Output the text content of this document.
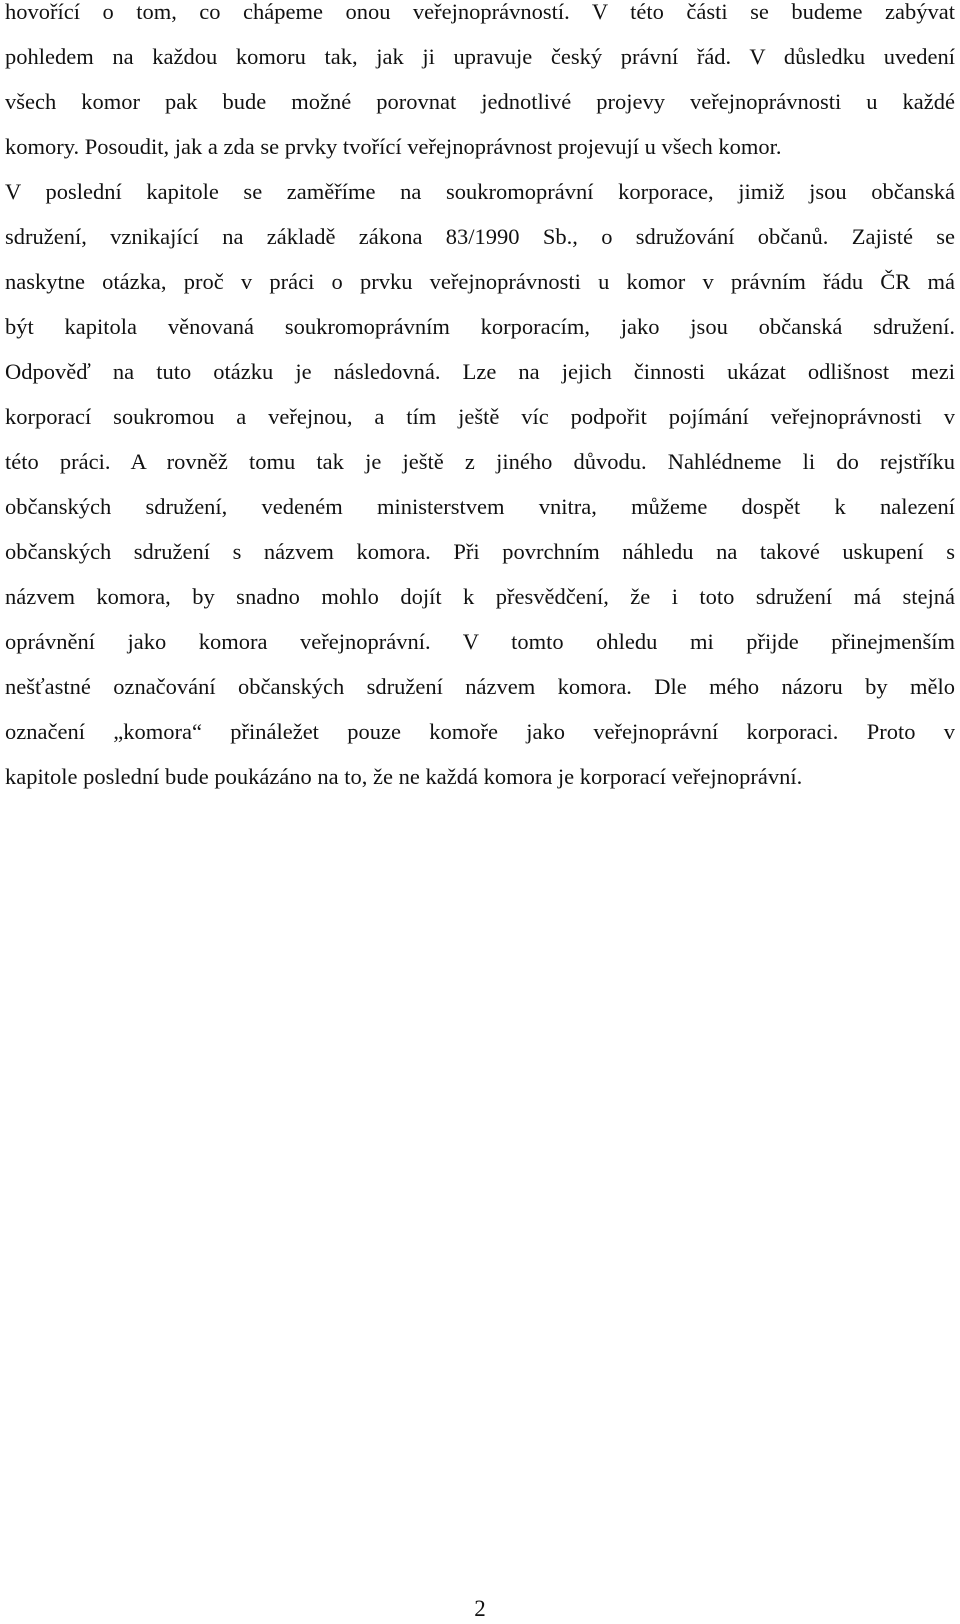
hovořící o tom, co chápeme onou veřejnoprávností. V této části se budeme zabývat
pohledem na každou komoru tak, jak ji upravuje český právní řád. V důsledku uvedení
všech komor pak bude možné porovnat jednotlivé projevy veřejnoprávnosti u každé
komory. Posoudit, jak a zda se prvky tvořící veřejnoprávnost projevují u všech komor.
V poslední kapitole se zaměříme na soukromoprávní korporace, jimiž jsou občanská
sdružení, vznikající na základě zákona 83/1990 Sb., o sdružování občanů. Zajisté se
naskytne otázka, proč v práci o prvku veřejnoprávnosti u komor v právním řádu ČR má
být kapitola věnovaná soukromoprávním korporacím, jako jsou občanská sdružení.
Odpověď na tuto otázku je následovná. Lze na jejich činnosti ukázat odlišnost mezi
korporací soukromou a veřejnou, a tím ještě víc podpořit pojímání veřejnoprávnosti v
této práci. A rovněž tomu tak je ještě z jiného důvodu. Nahlédneme li do rejstříku
občanských sdružení, vedeném ministerstvem vnitra, můžeme dospět k nalezení
občanských sdružení s názvem komora. Při povrchním náhledu na takové uskupení s
názvem komora, by snadno mohlo dojít k přesvědčení, že i toto sdružení má stejná
oprávnění jako komora veřejnoprávní. V tomto ohledu mi přijde přinejmenším
nešťastné označování občanských sdružení názvem komora. Dle mého názoru by mělo
označení „komora“ přináležet pouze komoře jako veřejnoprávní korporaci. Proto v
kapitole poslední bude poukázáno na to, že ne každá komora je korporací veřejnoprávní.
2
